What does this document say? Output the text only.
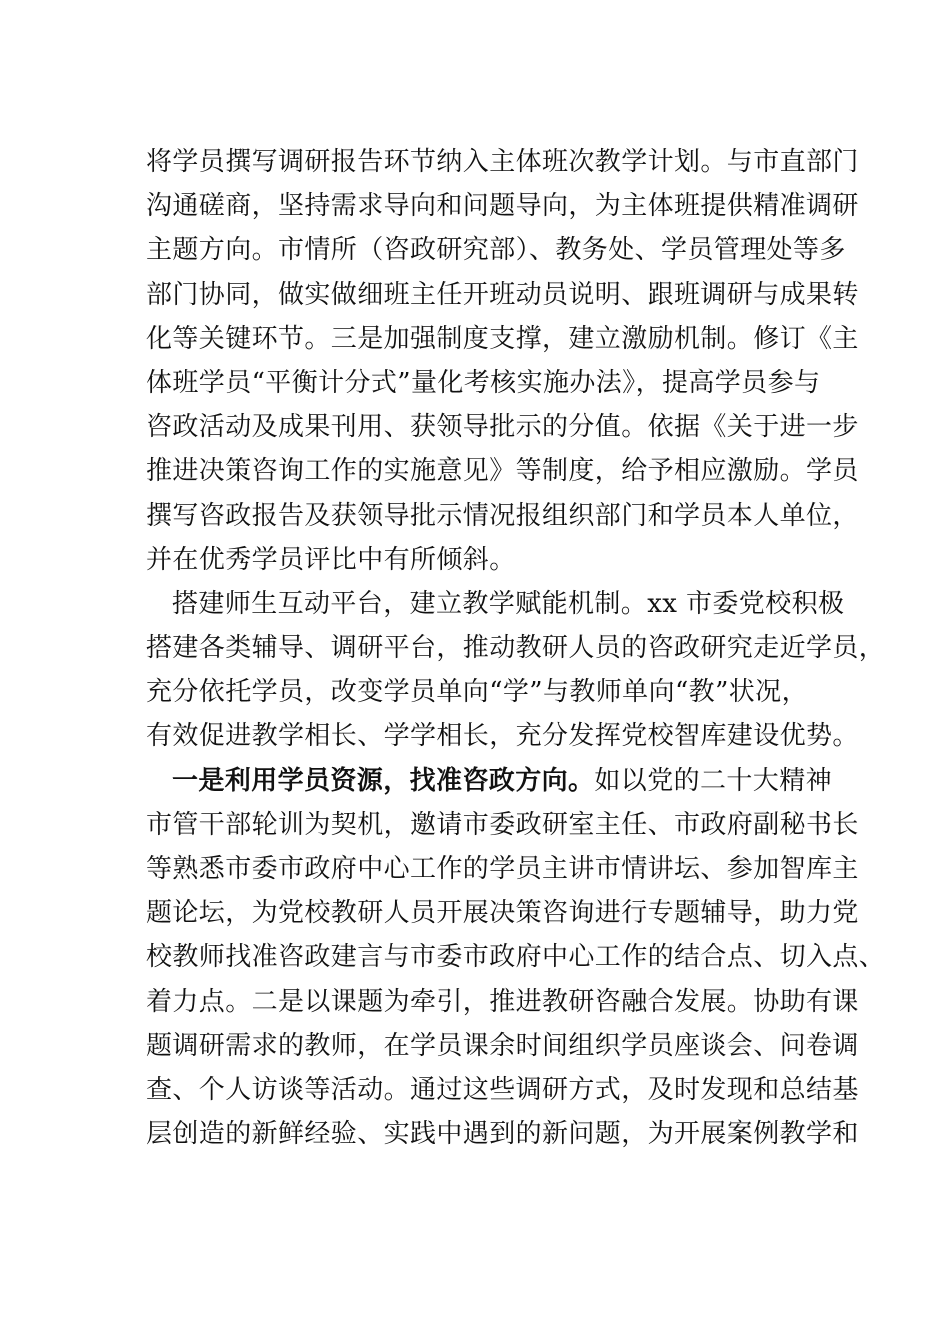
将学员撰写调研报告环节纳入主体班次教学计划。与市直部门
沟通磋商，坚持需求导向和问题导向，为主体班提供精准调研
主题方向。市情所（咨政研究部）、教务处、学员管理处等多
部门协同，做实做细班主任开班动员说明、跟班调研与成果转
化等关键环节。三是加强制度支撑，建立激励机制。修订《主
体班学员“平衡计分式”量化考核实施办法》，提高学员参与
咨政活动及成果刊用、获领导批示的分值。依据《关于进一步
推进决策咨询工作的实施意见》等制度，给予相应激励。学员
撰写咨政报告及获领导批示情况报组织部门和学员本人单位，
并在优秀学员评比中有所倾斜。
搭建师生互动平台，建立教学赋能机制。xx 市委党校积极
搭建各类辅导、调研平台，推动教研人员的咨政研究走近学员，
充分依托学员，改变学员单向“学”与教师单向“教”状况，
有效促进教学相长、学学相长，充分发挥党校智库建设优势。
一是利用学员资源，找准咨政方向。如以党的二十大精神
市管干部轮训为契机，邀请市委政研室主任、市政府副秘书长
等熟悉市委市政府中心工作的学员主讲市情讲坛、参加智库主
题论坛，为党校教研人员开展决策咨询进行专题辅导，助力党
校教师找准咨政建言与市委市政府中心工作的结合点、切入点、
着力点。二是以课题为牵引，推进教研咨融合发展。协助有课
题调研需求的教师，在学员课余时间组织学员座谈会、问卷调
查、个人访谈等活动。通过这些调研方式，及时发现和总结基
层创造的新鲜经验、实践中遇到的新问题，为开展案例教学和
